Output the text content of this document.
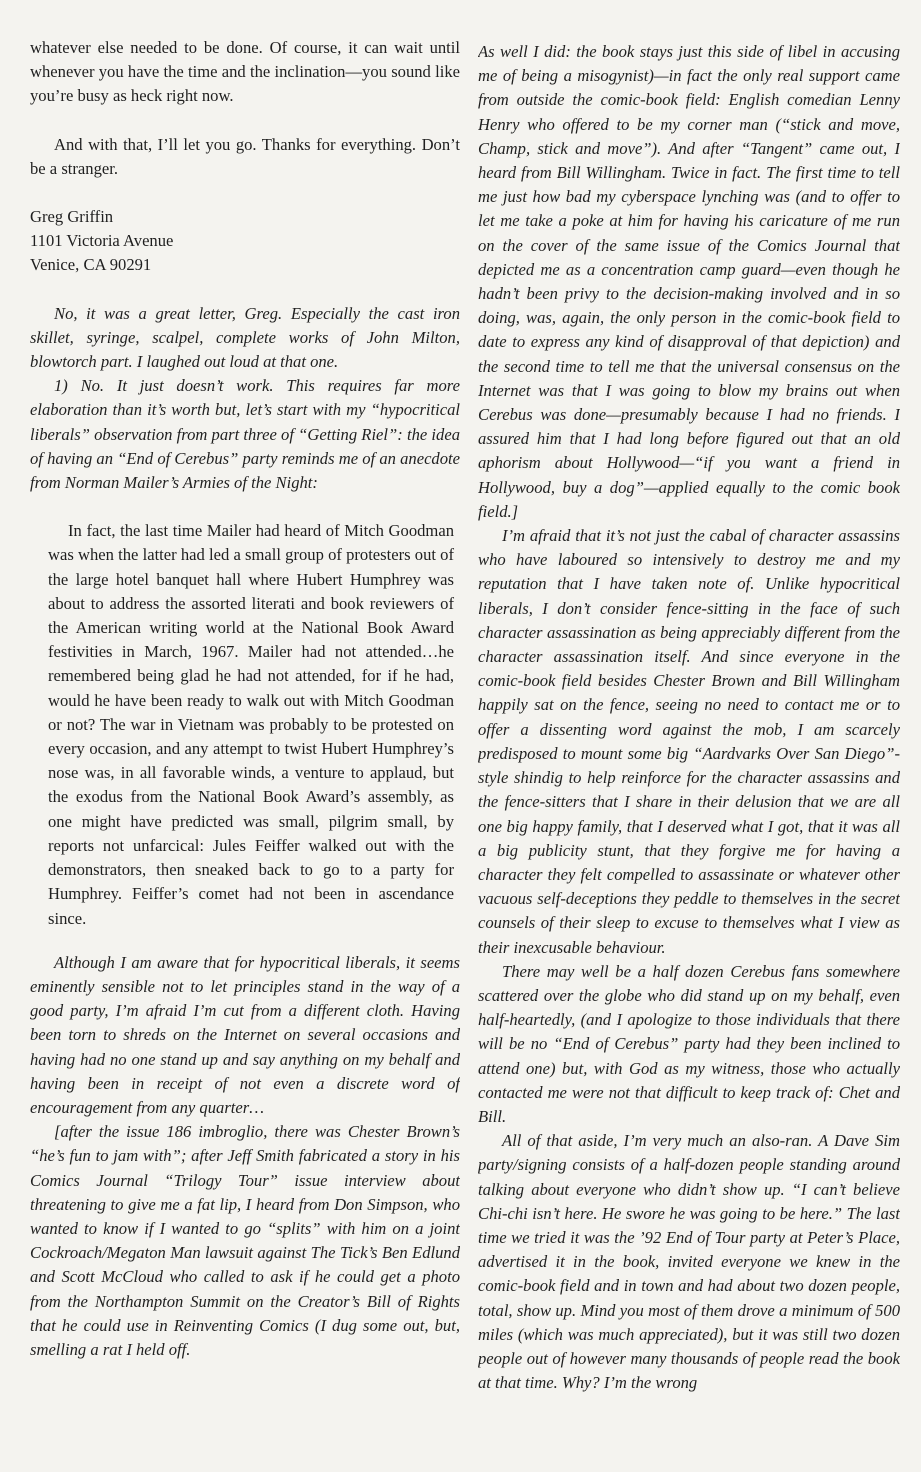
whatever else needed to be done. Of course, it can wait until whenever you have the time and the inclination—you sound like you’re busy as heck right now.

And with that, I’ll let you go. Thanks for everything. Don’t be a stranger.

Greg Griffin

1101 Victoria Avenue

Venice, CA 90291

No, it was a great letter, Greg. Especially the cast iron skillet, syringe, scalpel, complete works of John Milton, blowtorch part. I laughed out loud at that one.

1) No. It just doesn’t work. This requires far more elaboration than it’s worth but, let’s start with my “hypocritical liberals” observation from part three of “Getting Riel”: the idea of having an “End of Cerebus” party reminds me of an anecdote from Norman Mailer’s Armies of the Night:

In fact, the last time Mailer had heard of Mitch Goodman was when the latter had led a small group of protesters out of the large hotel banquet hall where Hubert Humphrey was about to address the assorted literati and book reviewers of the American writing world at the National Book Award festivities in March, 1967. Mailer had not attended…he remembered being glad he had not attended, for if he had, would he have been ready to walk out with Mitch Goodman or not? The war in Vietnam was probably to be protested on every occasion, and any attempt to twist Hubert Humphrey’s nose was, in all favorable winds, a venture to applaud, but the exodus from the National Book Award’s assembly, as one might have predicted was small, pilgrim small, by reports not unfarcical: Jules Feiffer walked out with the demonstrators, then sneaked back to go to a party for Humphrey. Feiffer’s comet had not been in ascendance since.

Although I am aware that for hypocritical liberals, it seems eminently sensible not to let principles stand in the way of a good party, I’m afraid I’m cut from a different cloth. Having been torn to shreds on the Internet on several occasions and having had no one stand up and say anything on my behalf and having been in receipt of not even a discrete word of encouragement from any quarter…

[after the issue 186 imbroglio, there was Chester Brown’s “he’s fun to jam with”; after Jeff Smith fabricated a story in his Comics Journal “Trilogy Tour” issue interview about threatening to give me a fat lip, I heard from Don Simpson, who wanted to know if I wanted to go “splits” with him on a joint Cockroach/Megaton Man lawsuit against The Tick’s Ben Edlund and Scott McCloud who called to ask if he could get a photo from the Northampton Summit on the Creator’s Bill of Rights that he could use in Reinventing Comics (I dug some out, but, smelling a rat I held off.

As well I did: the book stays just this side of libel in accusing me of being a misogynist)—in fact the only real support came from outside the comic-book field: English comedian Lenny Henry who offered to be my corner man (“stick and move, Champ, stick and move”). And after “Tangent” came out, I heard from Bill Willingham. Twice in fact. The first time to tell me just how bad my cyberspace lynching was (and to offer to let me take a poke at him for having his caricature of me run on the cover of the same issue of the Comics Journal that depicted me as a concentration camp guard—even though he hadn’t been privy to the decision-making involved and in so doing, was, again, the only person in the comic-book field to date to express any kind of disapproval of that depiction) and the second time to tell me that the universal consensus on the Internet was that I was going to blow my brains out when Cerebus was done—presumably because I had no friends. I assured him that I had long before figured out that an old aphorism about Hollywood—“if you want a friend in Hollywood, buy a dog”—applied equally to the comic book field.]

I’m afraid that it’s not just the cabal of character assassins who have laboured so intensively to destroy me and my reputation that I have taken note of. Unlike hypocritical liberals, I don’t consider fence-sitting in the face of such character assassination as being appreciably different from the character assassination itself. And since everyone in the comic-book field besides Chester Brown and Bill Willingham happily sat on the fence, seeing no need to contact me or to offer a dissenting word against the mob, I am scarcely predisposed to mount some big “Aardvarks Over San Diego”-style shindig to help reinforce for the character assassins and the fence-sitters that I share in their delusion that we are all one big happy family, that I deserved what I got, that it was all a big publicity stunt, that they forgive me for having a character they felt compelled to assassinate or whatever other vacuous self-deceptions they peddle to themselves in the secret counsels of their sleep to excuse to themselves what I view as their inexcusable behaviour.

There may well be a half dozen Cerebus fans somewhere scattered over the globe who did stand up on my behalf, even half-heartedly, (and I apologize to those individuals that there will be no “End of Cerebus” party had they been inclined to attend one) but, with God as my witness, those who actually contacted me were not that difficult to keep track of: Chet and Bill.

All of that aside, I’m very much an also-ran. A Dave Sim party/signing consists of a half-dozen people standing around talking about everyone who didn’t show up. “I can’t believe Chi-chi isn’t here. He swore he was going to be here.” The last time we tried it was the ’92 End of Tour party at Peter’s Place, advertised it in the book, invited everyone we knew in the comic-book field and in town and had about two dozen people, total, show up. Mind you most of them drove a minimum of 500 miles (which was much appreciated), but it was still two dozen people out of however many thousands of people read the book at that time. Why? I’m the wrong
